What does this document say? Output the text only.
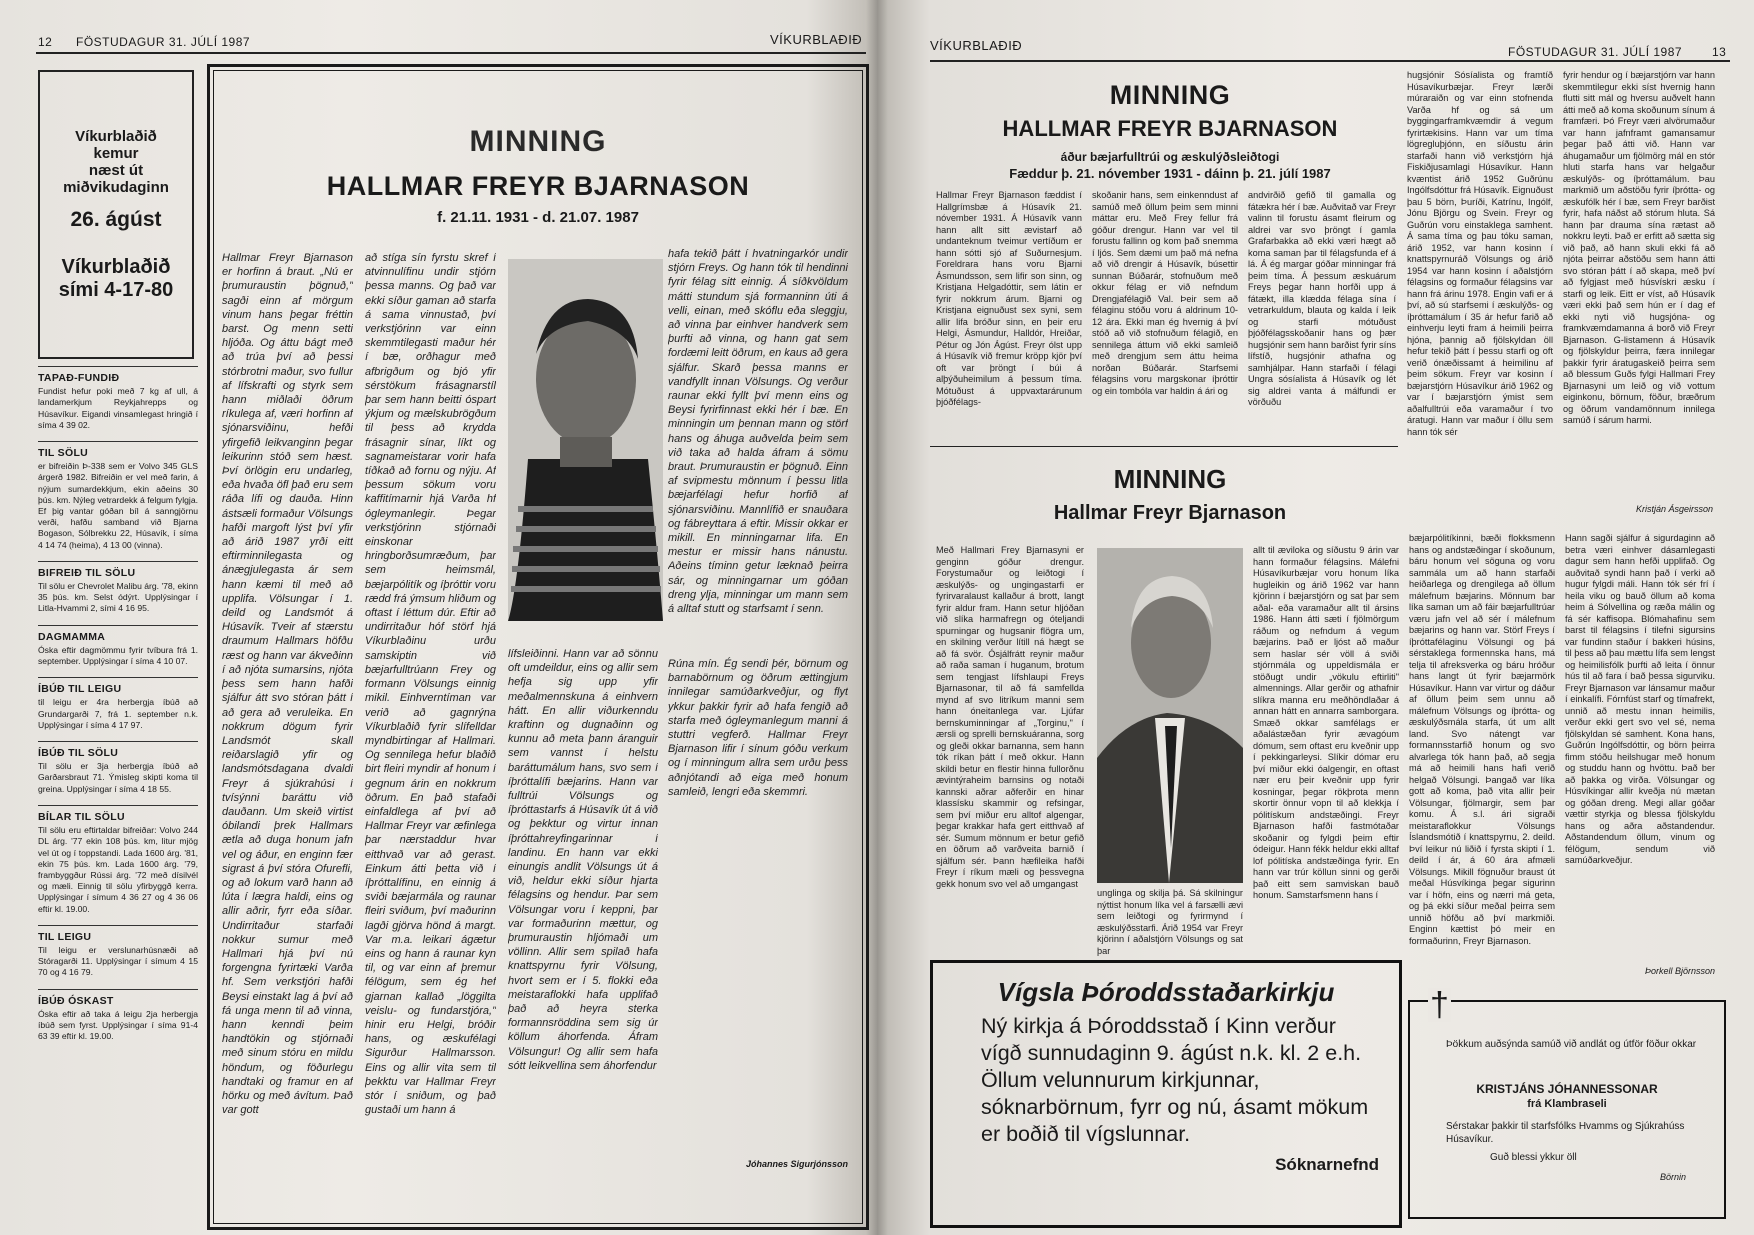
12 FÖSTUDAGUR 31. JÚLÍ 1987	VÍKURBLAÐIÐ

Víkurblaðið

kemur

næst út

miðvikudaginn

26. ágúst

Víkurblaðið

sími 4-17-80

TAPAÐ-FUNDIÐ
Fundist hefur poki með 7 kg af ull, á landamerkjum Reykjahrepps og Húsavíkur. Eigandi vinsamlegast hringið í síma 4 39 02.
TIL SÖLU
er bifreiðin Þ-338 sem er Volvo 345 GLS árgerð 1982. Bifreiðin er vel með farin, á nýjum sumardekkjum, ekin aðeins 30 þús. km. Nýleg vetrardekk á felgum fylgja. Ef þig vantar góðan bíl á sanngjörnu verði, hafðu samband við Bjarna Bogason, Sólbrekku 22, Húsavík, í síma 4 14 74 (heima), 4 13 00 (vinna).
BIFREIÐ TIL SÖLU
Til sölu er Chevrolet Malibu árg. '78, ekinn 35 þús. km. Selst ódýrt. Upplýsingar í Litla-Hvammi 2, sími 4 16 95.
DAGMAMMA
Óska eftir dagmömmu fyrir tvíbura frá 1. september. Upplýsingar í síma 4 10 07.
ÍBÚÐ TIL LEIGU
til leigu er 4ra herbergja íbúð að Grundargarði 7, frá 1. september n.k. Upplýsingar í síma 4 17 97.
ÍBÚÐ TIL SÖLU
Til sölu er 3ja herbergja íbúð að Garðarsbraut 71. Ýmisleg skipti koma til greina. Upplýsingar í síma 4 18 55.
BÍLAR TIL SÖLU
Til sölu eru eftirtaldar bifreiðar: Volvo 244 DL árg. '77 ekin 108 þús. km, litur mjög vel út og í toppstandi. Lada 1600 árg. '81, ekin 75 þús. km. Lada 1600 árg. '79, frambyggður Rússi árg. '72 með dísilvél og mæli. Einnig til sölu yfirbyggð kerra. Upplýsingar í símum 4 36 27 og 4 36 06 eftir kl. 19.00.
TIL LEIGU
Til leigu er verslunarhúsnæði að Stóragarði 11. Upplýsingar í símum 4 15 70 og 4 16 79.
ÍBÚÐ ÓSKAST
Óska eftir að taka á leigu 2ja herbergja íbúð sem fyrst. Upplýsingar í síma 91-4 63 39 eftir kl. 19.00.
MINNING
HALLMAR FREYR BJARNASON
f. 21.11. 1931 - d. 21.07. 1987
Hallmar Freyr Bjarnason er horfinn á braut. „Nú er þrumuraustin þögnuð," sagði einn af mörgum vinum hans þegar fréttin barst. Og menn setti hljóða. Og áttu bágt með að trúa því að þessi stórbrotni maður, svo fullur af lífskrafti og styrk sem hann miðlaði öðrum ríkulega af, væri horfinn af sjónarsviðinu, hefði yfirgefið leikvanginn þegar leikurinn stóð sem hæst. Því örlögin eru undarleg, eða hvaða öfl það eru sem ráða lífi og dauða. Hinn ástsæli formaður Völsungs hafði margoft lýst því yfir að árið 1987 yrði eitt eftirminnilegasta og ánægjulegasta ár sem hann kæmi til með að upplifa. Völsungar í 1. deild og Landsmót á Húsavík. Tveir af stærstu draumum Hallmars höfðu ræst og hann var ákveðinn í að njóta sumarsins, njóta þess sem hann hafði sjálfur átt svo stóran þátt í að gera að veruleika. En nokkrum dögum fyrir Landsmót skall reiðarslagið yfir og landsmótsdagana dvaldi Freyr á sjúkrahúsi í tvísýnni baráttu við dauðann. Um skeið virtist óbilandi þrek Hallmars ætla að duga honum jafn vel og áður, en enginn fær sigrast á því stóra Ofurefli, og að lokum varð hann að lúta í lægra haldi, eins og allir aðrir, fyrr eða síðar. Undirritaður starfaði nokkur sumur með Hallmari hjá því nú forgengna fyrirtæki Varða hf. Sem verkstjóri hafði Beysi einstakt lag á því að fá unga menn til að vinna, hann kenndi þeim handtökin og stjórnaði með sinum stóru en mildu höndum, og föðurlegu handtaki og framur en af hörku og með ávítum. Það var gott
að stíga sín fyrstu skref í atvinnulífinu undir stjórn þessa manns. Og það var ekki síður gaman að starfa á sama vinnustað, því verkstjórinn var einn skemmtilegasti maður hér í bæ, orðhagur með afbrigðum og bjó yfir sérstökum frásagnarstíl þar sem hann beitti óspart ýkjum og mælskubrögðum til þess að krydda frásagnir sínar, líkt og sagnameistarar vorir hafa tíðkað að fornu og nýju. Af þessum sökum voru kaffitímarnir hjá Varða hf ógleymanlegir. Þegar verkstjórinn stjórnaði einskonar hringborðsumræðum, þar sem heimsmál, bæjarpólitík og íþróttir voru rædd frá ýmsum hliðum og oftast í léttum dúr. Eftir að undirritaður hóf störf hjá Víkurblaðinu urðu samskiptin við bæjarfulltrúann Frey og formann Völsungs einnig mikil. Einhverntíman var verið að gagnrýna Víkurblaðið fyrir slífelldar myndbirtingar af Hallmari. Og sennilega hefur blaðið birt fleiri myndir af honum í gegnum árin en nokkrum öðrum. En það stafaði einfaldlega af því að Hallmar Freyr var æfinlega þar nærstaddur hvar eitthvað var að gerast. Einkum átti þetta við í íþróttalífinu, en einnig á sviði bæjarmála og raunar fleiri sviðum, því maðurinn lagði gjörva hönd á margt. Var m.a. leikari ágætur eins og hann á raunar kyn til, og var einn af þremur félögum, sem ég hef gjarnan kallað „löggilta veislu- og fundarstjóra," hinir eru Helgi, bróðir hans, og æskufélagi Sigurður Hallmarsson. Eins og allir vita sem til þekktu var Hallmar Freyr stór í sniðum, og það gustaði um hann á
hafa tekið þátt í hvatningarkór undir stjórn Freys. Og hann tók til hendinni fyrir félag sitt einnig. Á síðkvöldum mátti stundum sjá formanninn úti á velli, einan, með skóflu eða sleggju, að vinna þar einhver handverk sem þurfti að vinna, og hann gat sem fordæmi leitt öðrum, en kaus að gera sjálfur. Skarð þessa manns er vandfyllt innan Völsungs. Og verður raunar ekki fyllt því menn eins og Beysi fyrirfinnast ekki hér í bæ. En minningin um þennan mann og störf hans og áhuga auðvelda þeim sem við taka að halda áfram á sömu braut. Þrumuraustin er þögnuð. Einn af svipmestu mönnum í þessu litla bæjarfélagi hefur horfið af sjónarsviðinu. Mannlífið er snauðara og fábreyttara á eftir. Missir okkar er mikill. En minningarnar lifa. En mestur er missir hans nánustu. Aðeins tíminn getur læknað þeirra sár, og minningarnar um góðan dreng ylja, minningar um mann sem á alltaf stutt og starfsamt í senn.
lífsleiðinni. Hann var að sönnu oft umdeildur, eins og allir sem hefja sig upp yfir meðalmennskuna á einhvern hátt. En allir viðurkenndu kraftinn og dugnaðinn og kunnu að meta þann áranguir sem vannst í helstu baráttumálum hans, svo sem í íþróttalífi bæjarins. Hann var fulltrúi Völsungs og íþróttastarfs á Húsavík út á við og þekktur og virtur innan íþróttahreyfingarinnar í landinu. En hann var ekki einungis andlit Völsungs út á við, heldur ekki síður hjarta félagsins og hendur. Þar sem Völsungar voru í keppni, þar var formaðurinn mættur, og þrumuraustin hljómaði um völlinn. Allir sem spilað hafa knattspyrnu fyrir Völsung, hvort sem er í 5. flokki eða meistaraflokki hafa upplifað það að heyra sterka formannsröddina sem sig úr köllum áhorfenda. Áfram Völsungur! Og allir sem hafa sótt leikvellina sem áhorfendur
Rúna mín. Ég sendi þér, börnum og barnabörnum og öðrum ættingjum innilegar samúðarkveðjur, og flyt ykkur þakkir fyrir að hafa fengið að starfa með ógleymanlegum manni á stuttri vegferð. Hallmar Freyr Bjarnason lifir í sínum góðu verkum og í minningum allra sem urðu þess aðnjótandi að eiga með honum samleið, lengri eða skemmri.
Jóhannes Sigurjónsson
VÍKURBLAÐIÐ	FÖSTUDAGUR 31. JÚLÍ 1987 13
MINNING
HALLMAR FREYR BJARNASON
áður bæjarfulltrúi og æskulýðsleiðtogi
Fæddur þ. 21. nóvember 1931 - dáinn þ. 21. júlí 1987
Hallmar Freyr Bjarnason fæddist í Hallgrímsbæ á Húsavík 21. nóvember 1931. Á Húsavík vann hann allt sitt ævistarf að undanteknum tveimur vertíðum er hann sótti sjó af Suðurnesjum. Foreldrara hans voru Bjarni Ásmundsson, sem lifir son sinn, og Kristjana Helgadóttir, sem látin er fyrir nokkrum árum. Bjarni og Kristjana eignuðust sex syni, sem allir lifa bróður sinn, en þeir eru Helgi, Ásmundur, Halldór, Hreiðar, Pétur og Jón Ágúst. Freyr ólst upp á Húsavík við fremur kröpp kjör því oft var þröngt í búi á alþýðuheimilum á þessum tíma. Mótuðust á uppvaxtarárunum þjóðfélags-
skoðanir hans, sem einkenndust af samúð með öllum þeim sem minni máttar eru. Með Frey fellur frá góður drengur. Hann var vel til forustu fallinn og kom það snemma í ljós. Sem dæmi um það má nefna að við drengir á Húsavík, búsettir sunnan Búðarár, stofnuðum með okkur félag er við nefndum Drengjafélagið Val. Þeir sem að félaginu stóðu voru á aldrinum 10-12 ára. Ekki man ég hvernig á því stóð að við stofnuðum félagið, en sennilega áttum við ekki samleið með drengjum sem áttu heima norðan Búðarár. Starfsemi félagsins voru margskonar íþróttir og ein tombóla var haldin á ári og
andvirðið gefið til gamalla og fátækra hér í bæ. Auðvitað var Freyr valinn til forustu ásamt fleirum og aldrei var svo þröngt í gamla Grafarbakka að ekki væri hægt að koma saman þar til félagsfunda ef á lá. Á ég margar góðar minningar frá þeim tíma. Á þessum æskuárum Freys þegar hann horfði upp á fátækt, illa klædda félaga sína í vetrarkuldum, blauta og kalda í leik og starfi mótuðust þjóðfélagsskoðanir hans og þær hugsjónir sem hann barðist fyrir síns lífstíð, hugsjónir athafna og samhjálpar. Hann starfaði í félagi Ungra sósíalista á Húsavík og lét sig aldrei vanta á málfundi er vörðuðu
hugsjónir Sósíalista og framtíð Húsavíkurbæjar. Freyr lærði múraraiðn og var einn stofnenda Varða hf og sá um byggingarframkvæmdir á vegum fyrirtækisins. Hann var um tíma lögregluþjónn, en síðustu árin starfaði hann við verkstjórn hjá Fiskiðjusamlagi Húsavíkur. Hann kvæntist árið 1952 Guðrúnu Ingólfsdóttur frá Húsavík. Eignuðust þau 5 börn, Þuríði, Katrínu, Ingólf, Jónu Björgu og Svein. Freyr og Guðrún voru einstaklega samhent. Á sama tíma og þau tóku saman, árið 1952, var hann kosinn í knattspyrnuráð Völsungs og árið 1954 var hann kosinn í aðalstjórn félagsins og formaður félagsins var hann frá árinu 1978. Engin vafi er á því, að sú starfsemi í æskulýðs- og íþróttamálum í 35 ár hefur farið að einhverju leyti fram á heimili þeirra hjóna, þannig að fjölskyldan öll hefur tekið þátt í þessu starfi og oft verið ónæðissamt á heimilinu af þeim sökum. Freyr var kosinn í bæjarstjórn Húsavíkur árið 1962 og var í bæjarstjórn ýmist sem aðalfulltrúi eða varamaður í tvo áratugi. Hann var maður í öllu sem hann tók sér
fyrir hendur og í bæjarstjórn var hann skemmtilegur ekki síst hvernig hann flutti sitt mál og hversu auðvelt hann átti með að koma skoðunum sínum á framfæri. Þó Freyr væri alvörumaður var hann jafnframt gamansamur þegar það átti við. Hann var áhugamaður um fjölmörg mál en stór hluti starfa hans var helgaður æskulýðs- og íþróttamálum. Þau markmið um aðstöðu fyrir íþrótta- og æskufólk hér í bæ, sem Freyr barðist fyrir, hafa náðst að stórum hluta. Sá hann þar drauma sína rætast að nokkru leyti. Það er erfitt að sætta sig við það, að hann skuli ekki fá að njóta þeirrar aðstöðu sem hann átti svo stóran þátt í að skapa, með því að fylgjast með húsvískri æsku í starfi og leik. Eitt er víst, að Húsavík væri ekki það sem hún er í dag ef ekki nyti við hugsjóna- og framkvæmdamanna á borð við Freyr Bjarnason. G-listamenn á Húsavík og fjölskyldur þeirra, færa innilegar þakkir fyrir áratugaskeið þeirra sem að blessum Guðs fylgi Hallmari Frey Bjarnasyni um leið og við vottum eiginkonu, börnum, föður, bræðrum og öðrum vandamönnum innilega samúð í sárum harmi.
Kristján Ásgeirsson
MINNING
Hallmar Freyr Bjarnason
Með Hallmari Frey Bjarnasyni er genginn góður drengur. Forystumaður og leiðtogi í æskulýðs- og ungingastarfi er fyrirvaralaust kallaður á brott, langt fyrir aldur fram. Hann setur hljóðan við slíka harmafregn og óteljandi spurningar og hugsanir flögra um, en skilning verður lítill ná hægt se að fá svör. Ósjálfrátt reynir maður að raða saman í huganum, brotum sem tengjast lífshlaupi Freys Bjarnasonar, til að fá samfellda mynd af svo litríkum manni sem hann óneitanlega var. Ljúfar bernskuminningar af „Torginu," í ærsli og sprelli bernskuáranna, sorg og gleði okkar barnanna, sem hann tók ríkan þátt í með okkur. Hann skildi betur en flestir hinna fullorðnu ævintýraheim barnsins og notaði kannski aðrar aðferðir en hinar klassísku skammir og refsingar, sem því miður eru alltof algengar, þegar krakkar hafa gert eitthvað af sér. Sumum mönnum er betur gefið en öðrum að varðveita barnið í sjálfum sér. Þann hæfileika hafði Freyr í ríkum mæli og þessvegna gekk honum svo vel að umgangast
unglinga og skilja þá. Sá skilningur nýttist honum líka vel á farsælli ævi sem leiðtogi og fyrirmynd í æskulýðsstarfi. Árið 1954 var Freyr kjörinn í aðalstjórn Völsungs og sat þar
allt til æviloka og síðustu 9 árin var hann formaður félagsins. Málefni Húsavíkurbæjar voru honum líka hugleikin og árið 1962 var hann kjörinn í bæjarstjórn og sat þar sem aðal- eða varamaður allt til ársins 1986. Hann átti sæti í fjölmörgum ráðum og nefndum á vegum bæjarins. Það er ljóst að maður sem haslar sér völl á sviði stjórnmála og uppeldismála er stöðugt undir „vökulu eftirliti" almennings. Allar gerðir og athafnir slíkra manna eru meðhöndlaðar á annan hátt en annarra samborgara. Smæð okkar samfélags er aðalástæðan fyrir ævagóum dómum, sem oftast eru kveðnir upp í pekkingarleysi. Slíkir dómar eru því miður ekki óalgengir, en oftast nær eru þeir kveðnir upp fyrir kosningar, þegar rökþrota menn skortir önnur vopn til að klekkja í pólitískum andstæðingi. Freyr Bjarnason hafði fastmótaðar skoðanir og fylgdi þeim eftir ódeigur. Hann fékk heldur ekki alltaf lof pólitíska andstæðinga fyrir. En hann var trúr köllun sinni og gerði það eitt sem samviskan bauð honum. Samstarfsmenn hans í
bæjarpólitíkinni, bæði flokksmenn hans og andstæðingar í skoðunum, báru honum vel söguna og voru sammála um að hann starfaði heiðarlega og drengilega að öllum málefnum bæjarins. Mönnum bar líka saman um að fáir bæjarfulltrúar væru jafn vel að sér í málefnum bæjarins og hann var. Störf Freys í íþróttafélaginu Völsungi og þá sérstaklega formennska hans, má telja til afreksverka og báru hróður hans langt út fyrir bæjarmörk Húsavíkur. Hann var virtur og dáður af öllum þeim sem unnu að málefnum Völsungs og íþrótta- og æskulýðsmála starfa, út um allt land. Svo nátengt var formannsstarfið honum og svo alvarlega tók hann það, að segja má að heimili hans hafi verið helgað Völsungi. Þangað var líka gott að koma, það vita allir þeir Völsungar, fjölmargir, sem þar komu. Á s.l. ári sigraði meistaraflokkur Völsungs Íslandsmótið í knattspyrnu, 2. deild. Því leikur nú liðið í fyrsta skipti í 1. deild í ár, á 60 ára afmæli Völsungs. Mikill fögnuður braust út meðal Húsvíkinga þegar sigurinn var í höfn, eins og nærri má geta, og þá ekki síður meðal þeirra sem unnið höfðu að því markmiði. Enginn kættist þó meir en formaðurinn, Freyr Bjarnason.
Hann sagði sjálfur á sigurdaginn að betra væri einhver dásamlegasti dagur sem hann hefði upplifað. Og auðvitað syndi hann það í verki að hugur fylgdi máli. Hann tók sér frí í heila viku og bauð öllum að koma heim á Sólvellina og ræða málin og fá sér kaffisopa. Blómahafinu sem barst til félagsins í tilefni sigursins var fundinn staður í bakkeri húsins, til þess að þau mættu lífa sem lengst og heimilisfólk þurfti að leita í önnur hús til að fara í bað þessa sigurviku. Freyr Bjarnason var lánsamur maður í einkalífi. Fórnfúst starf og tímafrekt, unnið að mestu innan heimilis, verður ekki gert svo vel sé, nema fjölskyldan sé samhent. Kona hans, Guðrún Ingólfsdóttir, og börn þeirra fimm stóðu heilshugar með honum og studdu hann og hvöttu. Það ber að þakka og virða. Völsungar og Húsvíkingar allir kveðja nú mætan og góðan dreng. Megi allar góðar vættir styrkja og blessa fjölskyldu hans og aðra aðstandendur. Aðstandendum öllum, vinum og félögum, sendum við samúðarkveðjur.
Þorkell Björnsson
Vígsla Þóroddsstaðarkirkju
Ný kirkja á Þóroddsstað í Kinn verður vígð sunnudaginn 9. ágúst n.k. kl. 2 e.h. Öllum velunnurum kirkjunnar, sóknarbörnum, fyrr og nú, ásamt mökum er boðið til vígslunnar.
Sóknarnefnd
†
Þökkum auðsýnda samúð við andlát og útför föður okkar
KRISTJÁNS JÓHANNESSONAR
frá Klambraseli
Sérstakar þakkir til starfsfólks Hvamms og Sjúkrahúss Húsavíkur.
Guð blessi ykkur öll
Börnin
